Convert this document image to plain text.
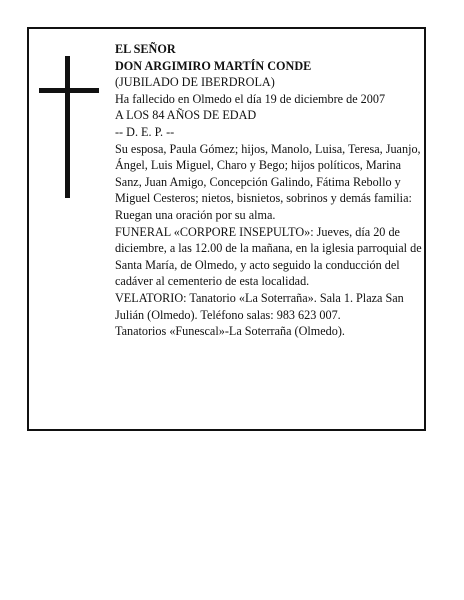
EL SEÑOR

DON ARGIMIRO MARTÍN CONDE

(JUBILADO DE IBERDROLA)

Ha fallecido en Olmedo el día 19 de diciembre de 2007

A LOS 84 AÑOS DE EDAD

-- D. E. P. --

Su esposa, Paula Gómez; hijos, Manolo, Luisa, Teresa, Juanjo, Ángel, Luis Miguel, Charo y Bego; hijos políticos, Marina Sanz, Juan Amigo, Concepción Galindo, Fátima Rebollo y Miguel Cesteros; nietos, bisnietos, sobrinos y demás familia:

Ruegan una oración por su alma.

FUNERAL «CORPORE INSEPULTO»: Jueves, día 20 de diciembre, a las 12.00 de la mañana, en la iglesia parroquial de Santa María, de Olmedo, y acto seguido la conducción del cadáver al cementerio de esta localidad.

VELATORIO: Tanatorio «La Soterraña». Sala 1. Plaza San Julián (Olmedo). Teléfono salas: 983 623 007.

Tanatorios «Funescal»-La Soterraña (Olmedo).
